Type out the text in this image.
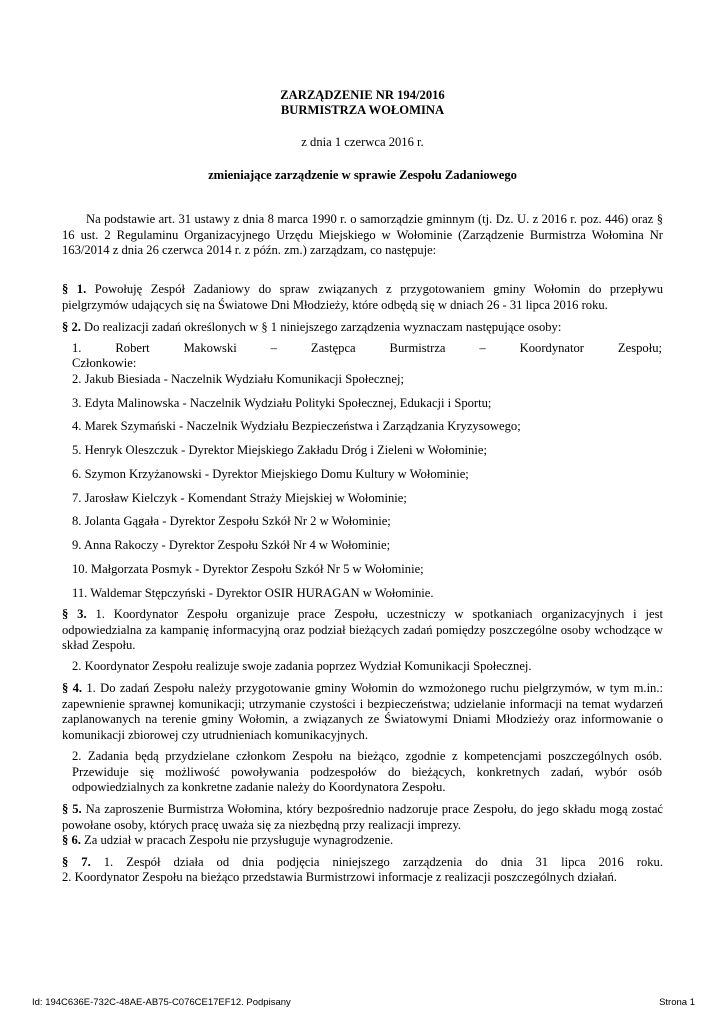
ZARZĄDZENIE NR 194/2016
BURMISTRZA WOŁOMINA
z dnia 1 czerwca 2016 r.
zmieniające zarządzenie w sprawie Zespołu Zadaniowego
Na podstawie art. 31 ustawy z dnia 8 marca 1990 r. o samorządzie gminnym (tj. Dz. U. z 2016 r. poz. 446) oraz § 16 ust. 2 Regulaminu Organizacyjnego Urzędu Miejskiego w Wołominie (Zarządzenie Burmistrza Wołomina Nr 163/2014 z dnia 26 czerwca 2014 r. z późn. zm.) zarządzam, co następuje:
§ 1. Powołuję Zespół Zadaniowy do spraw związanych z przygotowaniem gminy Wołomin do przepływu pielgrzymów udających się na Światowe Dni Młodzieży, które odbędą się w dniach 26 - 31 lipca 2016 roku.
§ 2. Do realizacji zadań określonych w § 1 niniejszego zarządzenia wyznaczam następujące osoby:
1. Robert Makowski – Zastępca Burmistrza – Koordynator Zespołu;
Członkowie:
2. Jakub Biesiada - Naczelnik Wydziału Komunikacji Społecznej;
3. Edyta Malinowska - Naczelnik Wydziału Polityki Społecznej, Edukacji i Sportu;
4. Marek Szymański - Naczelnik Wydziału Bezpieczeństwa i Zarządzania Kryzysowego;
5. Henryk Oleszczuk - Dyrektor Miejskiego Zakładu Dróg i Zieleni w Wołominie;
6. Szymon Krzyżanowski - Dyrektor Miejskiego Domu Kultury w Wołominie;
7. Jarosław Kielczyk - Komendant Straży Miejskiej w Wołominie;
8. Jolanta Gągała - Dyrektor Zespołu Szkół Nr 2 w Wołominie;
9. Anna Rakoczy - Dyrektor Zespołu Szkół Nr 4 w Wołominie;
10. Małgorzata Posmyk - Dyrektor Zespołu Szkół Nr 5 w Wołominie;
11. Waldemar Stępczyński - Dyrektor OSIR HURAGAN w Wołominie.
§ 3. 1. Koordynator Zespołu organizuje prace Zespołu, uczestniczy w spotkaniach organizacyjnych i jest odpowiedzialna za kampanię informacyjną oraz podział bieżących zadań pomiędzy poszczególne osoby wchodzące w skład Zespołu.
2. Koordynator Zespołu realizuje swoje zadania poprzez Wydział Komunikacji Społecznej.
§ 4. 1. Do zadań Zespołu należy przygotowanie gminy Wołomin do wzmożonego ruchu pielgrzymów, w tym m.in.: zapewnienie sprawnej komunikacji; utrzymanie czystości i bezpieczeństwa; udzielanie informacji na temat wydarzeń zaplanowanych na terenie gminy Wołomin, a związanych ze Światowymi Dniami Młodzieży oraz informowanie o komunikacji zbiorowej czy utrudnieniach komunikacyjnych.
2. Zadania będą przydzielane członkom Zespołu na bieżąco, zgodnie z kompetencjami poszczególnych osób. Przewiduje się możliwość powoływania podzespołów do bieżących, konkretnych zadań, wybór osób odpowiedzialnych za konkretne zadanie należy do Koordynatora Zespołu.
§ 5. Na zaproszenie Burmistrza Wołomina, który bezpośrednio nadzoruje prace Zespołu, do jego składu mogą zostać powołane osoby, których pracę uważa się za niezbędną przy realizacji imprezy.
§ 6. Za udział w pracach Zespołu nie przysługuje wynagrodzenie.
§ 7. 1. Zespół działa od dnia podjęcia niniejszego zarządzenia do dnia 31 lipca 2016 roku.
2. Koordynator Zespołu na bieżąco przedstawia Burmistrzowi informacje z realizacji poszczególnych działań.
Id: 194C636E-732C-48AE-AB75-C076CE17EF12. Podpisany	Strona 1
